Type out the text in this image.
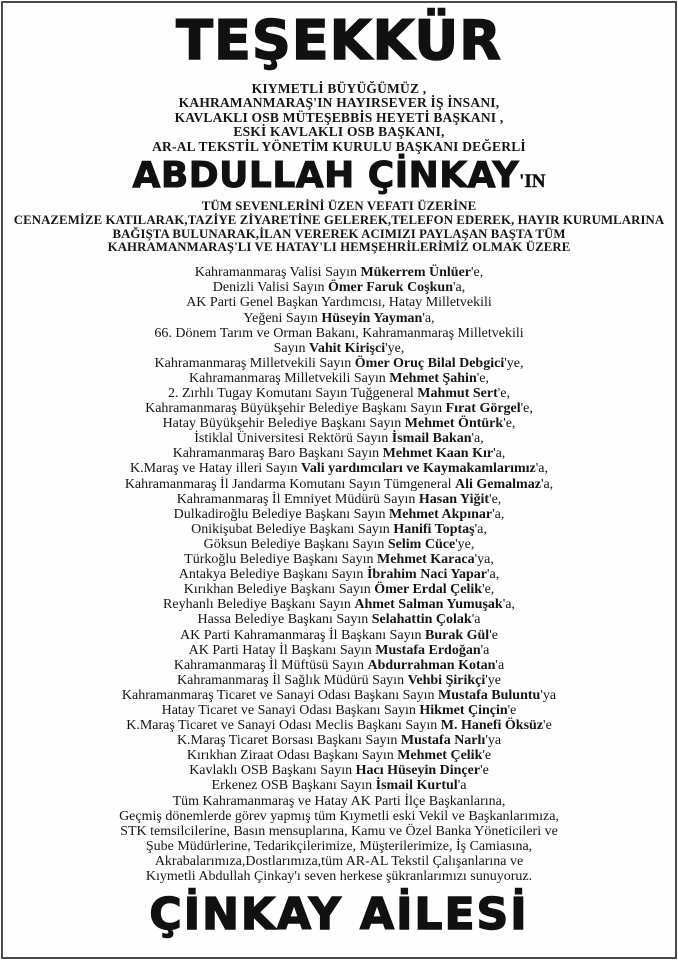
TEŞEKKÜR
KIYMETLİ BÜYÜĞÜMÜZ ,
KAHRAMANMARAŞ'IN HAYIRSEVER İŞ İNSANI,
KAVLAKLI OSB MÜTEŞEBBİS HEYETİ BAŞKANI ,
ESKİ KAVLAKLI OSB BAŞKANI,
AR-AL TEKSTİL YÖNETİM KURULU BAŞKANI DEĞERLİ
ABDULLAH ÇİNKAY'IN
TÜM SEVENLERİNİ ÜZEN VEFATI ÜZERİNE
CENAZEMİZE KATILARAK,TAZİYE ZİYARETİNE GELEREK,TELEFON EDEREK, HAYIR KURUMLARINA
BAĞIŞTA BULUNARAK,İLAN VEREREK ACIMIZI PAYLAŞAN BAŞTA TÜM
KAHRAMANMARAŞ'LI VE HATAY'LI HEMŞEHRİLERİMİZ OLMAK ÜZERE
Kahramanmaraş Valisi Sayın Mükerrem Ünlüer'e,
Denizli Valisi Sayın Ömer Faruk Coşkun'a,
AK Parti Genel Başkan Yardımcısı, Hatay Milletvekili
Yeğeni Sayın Hüseyin Yayman'a,
66. Dönem Tarım ve Orman Bakanı, Kahramanmaraş Milletvekili
Sayın Vahit Kirişci'ye,
Kahramanmaraş Milletvekili Sayın Ömer Oruç Bilal Debgici'ye,
Kahramanmaraş Milletvekili Sayın Mehmet Şahin'e,
2. Zırhlı Tugay Komutanı Sayın Tuğgeneral Mahmut Sert'e,
Kahramanmaraş Büyükşehir Belediye Başkanı Sayın Fırat Görgel'e,
Hatay Büyükşehir Belediye Başkanı Sayın Mehmet Öntürk'e,
İstiklal Üniversitesi Rektörü Sayın İsmail Bakan'a,
Kahramanmaraş Baro Başkanı Sayın Mehmet Kaan Kır'a,
K.Maraş ve Hatay illeri Sayın Vali yardımcıları ve Kaymakamlarımız'a,
Kahramanmaraş İl Jandarma Komutanı Sayın Tümgeneral Ali Gemalmaz'a,
Kahramanmaraş İl Emniyet Müdürü Sayın Hasan Yiğit'e,
Dulkadiroğlu Belediye Başkanı Sayın Mehmet Akpınar'a,
Onikişubat Belediye Başkanı Sayın Hanifi Toptaş'a,
Göksun Belediye Başkanı Sayın Selim Cüce'ye,
Türkoğlu Belediye Başkanı Sayın Mehmet Karaca'ya,
Antakya Belediye Başkanı Sayın İbrahim Naci Yapar'a,
Kırıkhan Belediye Başkanı Sayın Ömer Erdal Çelik'e,
Reyhanlı Belediye Başkanı Sayın Ahmet Salman Yumuşak'a,
Hassa Belediye Başkanı Sayın Selahattin Çolak'a
AK Parti Kahramanmaraş İl Başkanı Sayın Burak Gül'e
AK Parti Hatay İl Başkanı Sayın Mustafa Erdoğan'a
Kahramanmaraş İl Müftüsü Sayın Abdurrahman Kotan'a
Kahramanmaraş İl Sağlık Müdürü Sayın Vehbi Şirikçi'ye
Kahramanmaraş Ticaret ve Sanayi Odası Başkanı Sayın Mustafa Buluntu'ya
Hatay Ticaret ve Sanayi Odası Başkanı Sayın Hikmet Çinçin'e
K.Maraş Ticaret ve Sanayi Odası Meclis Başkanı Sayın M. Hanefi Öksüz'e
K.Maraş Ticaret Borsası Başkanı Sayın Mustafa Narlı'ya
Kırıkhan Ziraat Odası Başkanı Sayın Mehmet Çelik'e
Kavlaklı OSB Başkanı Sayın Hacı Hüseyin Dinçer'e
Erkenez OSB Başkanı Sayın İsmail Kurtul'a
Tüm Kahramanmaraş ve Hatay AK Parti İlçe Başkanlarına,
Geçmiş dönemlerde görev yapmış tüm Kıymetli eski Vekil ve Başkanlarımıza,
STK temsilcilerine, Basın mensuplarına, Kamu ve Özel Banka Yöneticileri ve
Şube Müdürlerine, Tedarikçilerimize, Müşterilerimize, İş Camiasına,
Akrabalarımıza,Dostlarımıza,tüm AR-AL Tekstil Çalışanlarına ve
Kıymetli Abdullah Çinkay'ı seven herkese şükranlarımızı sunuyoruz.
ÇİNKAY AİLESİ
